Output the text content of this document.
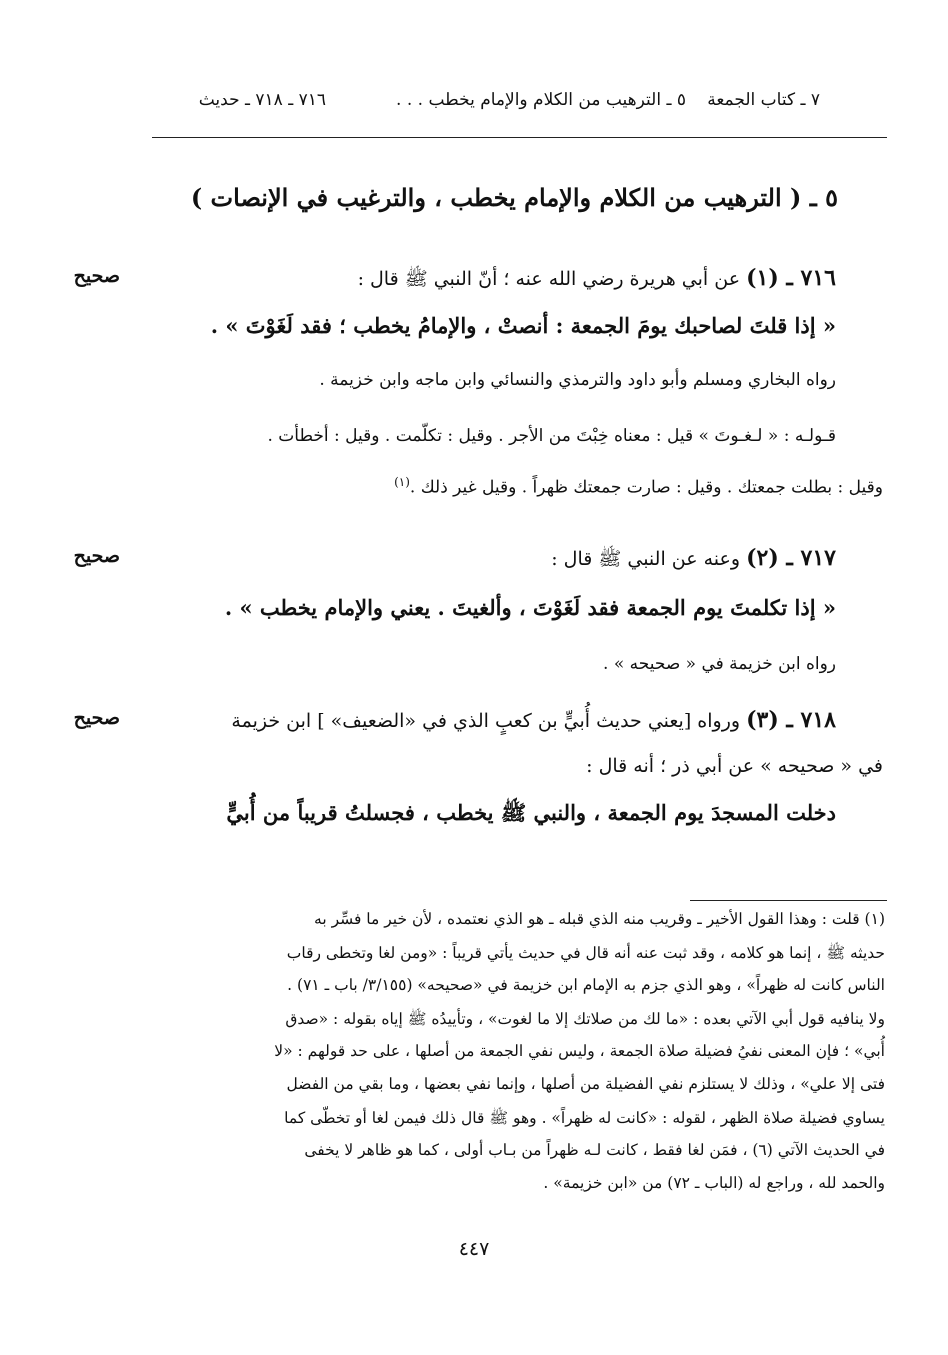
٧ ـ كتاب الجمعة
٥ ـ الترهيب من الكلام والإمام يخطب . . .
٧١٦ ـ ٧١٨ ـ حديث
٥ ـ ( الترهيب من الكلام والإمام يخطب ، والترغيب في الإنصات )
صحيح	٧١٦ ـ (١) عن أبي هريرة رضي الله عنه ؛ أنّ النبي ﷺ قال :
« إذا قلتَ لصاحبك يومَ الجمعة : أنصتْ ، والإمامُ يخطب ؛ فقد لَغَوْتَ » .
رواه البخاري ومسلم وأبو داود والترمذي والنسائي وابن ماجه وابن خزيمة .
قـولـه : « لـغـوتَ » قيل : معناه خِبْتَ من الأجر . وقيل : تكلّمت . وقيل : أخطأت .
وقيل : بطلت جمعتك . وقيل : صارت جمعتك ظهراً . وقيل غير ذلك .$^{(١)}$
صحيح	٧١٧ ـ (٢) وعنه عن النبي ﷺ قال :
« إذا تكلمتَ يوم الجمعة فقد لَغَوْتَ ، وألغيتَ . يعني والإمام يخطب » .
رواه ابن خزيمة في « صحيحه » .
صحيح	٧١٨ ـ (٣) ورواه [يعني حديث أُبيٍّ بن كعبٍ الذي في «الضعيف» ] ابن خزيمة
في « صحيحه » عن أبي ذر ؛ أنه قال :
دخلت المسجدَ يوم الجمعة ، والنبي ﷺ يخطب ، فجسلتُ قريباً من أُبيٍّ
(١) قلت : وهذا القول الأخير ـ وقريب منه الذي قبله ـ هو الذي نعتمده ، لأن خير ما فسِّر به
حديثه ﷺ ، إنما هو كلامه ، وقد ثبت عنه أنه قال في حديث يأتي قريباً : «ومن لغا وتخطى رقاب
الناس كانت له ظهراً» ، وهو الذي جزم به الإمام ابن خزيمة في «صحيحه» (٣/١٥٥/ باب ـ ٧١) .
ولا ينافيه قول أبي الآتي بعده : «ما لك من صلاتك إلا ما لغوت» ، وتأييدُه ﷺ إياه بقوله : «صدق
أُبي» ؛ فإن المعنى نفيُ فضيلة صلاة الجمعة ، وليس نفي الجمعة من أصلها ، على حد قولهم : «لا
فتى إلا علي» ، وذلك لا يستلزم نفي الفضيلة من أصلها ، وإنما نفي بعضها ، وما بقي من الفضل
يساوي فضيلة صلاة الظهر ، لقوله : «كانت له ظهراً» . وهو ﷺ قال ذلك فيمن لغا أو تخطّى كما
في الحديث الآتي (٦) ، فمَن لغا فقط ، كانت لـه ظهراً من بـاب أولى ، كما هو ظاهر لا يخفى
والحمد لله ، وراجع له (الباب ـ ٧٢) من «ابن خزيمة» .
٤٤٧
